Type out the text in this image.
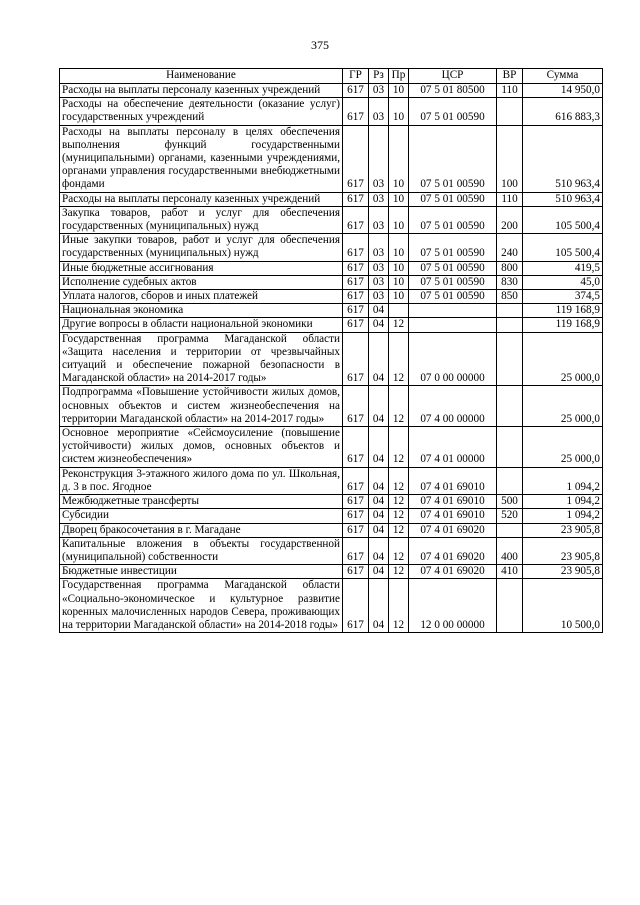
375
Наименование	ГР	Рз	Пр	ЦСР	ВР	Сумма
Расходы на выплаты персоналу казенных учреждений	617	03	10	07 5 01 80500	110	14 950,0
Расходы на обеспечение деятельности (оказание услуг) государственных учреждений	617	03	10	07 5 01 00590		616 883,3
Расходы на выплаты персоналу в целях обеспечения выполнения функций государственными (муниципальными) органами, казенными учреждениями, органами управления государственными внебюджетными фондами	617	03	10	07 5 01 00590	100	510 963,4
Расходы на выплаты персоналу казенных учреждений	617	03	10	07 5 01 00590	110	510 963,4
Закупка товаров, работ и услуг для обеспечения государственных (муниципальных) нужд	617	03	10	07 5 01 00590	200	105 500,4
Иные закупки товаров, работ и услуг для обеспечения государственных (муниципальных) нужд	617	03	10	07 5 01 00590	240	105 500,4
Иные бюджетные ассигнования	617	03	10	07 5 01 00590	800	419,5
Исполнение судебных актов	617	03	10	07 5 01 00590	830	45,0
Уплата налогов, сборов и иных платежей	617	03	10	07 5 01 00590	850	374,5
Национальная экономика	617	04				119 168,9
Другие вопросы в области национальной экономики	617	04	12			119 168,9
Государственная программа Магаданской области «Защита населения и территории от чрезвычайных ситуаций и обеспечение пожарной безопасности в Магаданской области» на 2014-2017 годы»	617	04	12	07 0 00 00000		25 000,0
Подпрограмма «Повышение устойчивости жилых домов, основных объектов и систем жизнеобеспечения на территории Магаданской области» на 2014-2017 годы»	617	04	12	07 4 00 00000		25 000,0
Основное мероприятие «Сейсмоусиление (повышение устойчивости) жилых домов, основных объектов и систем жизнеобеспечения»	617	04	12	07 4 01 00000		25 000,0
Реконструкция 3-этажного жилого дома по ул. Школьная, д. 3 в пос. Ягодное	617	04	12	07 4 01 69010		1 094,2
Межбюджетные трансферты	617	04	12	07 4 01 69010	500	1 094,2
Субсидии	617	04	12	07 4 01 69010	520	1 094,2
Дворец бракосочетания в г. Магадане	617	04	12	07 4 01 69020		23 905,8
Капитальные вложения в объекты государственной (муниципальной) собственности	617	04	12	07 4 01 69020	400	23 905,8
Бюджетные инвестиции	617	04	12	07 4 01 69020	410	23 905,8
Государственная программа Магаданской области «Социально-экономическое и культурное развитие коренных малочисленных народов Севера, проживающих на территории Магаданской области» на 2014-2018 годы»	617	04	12	12 0 00 00000		10 500,0
